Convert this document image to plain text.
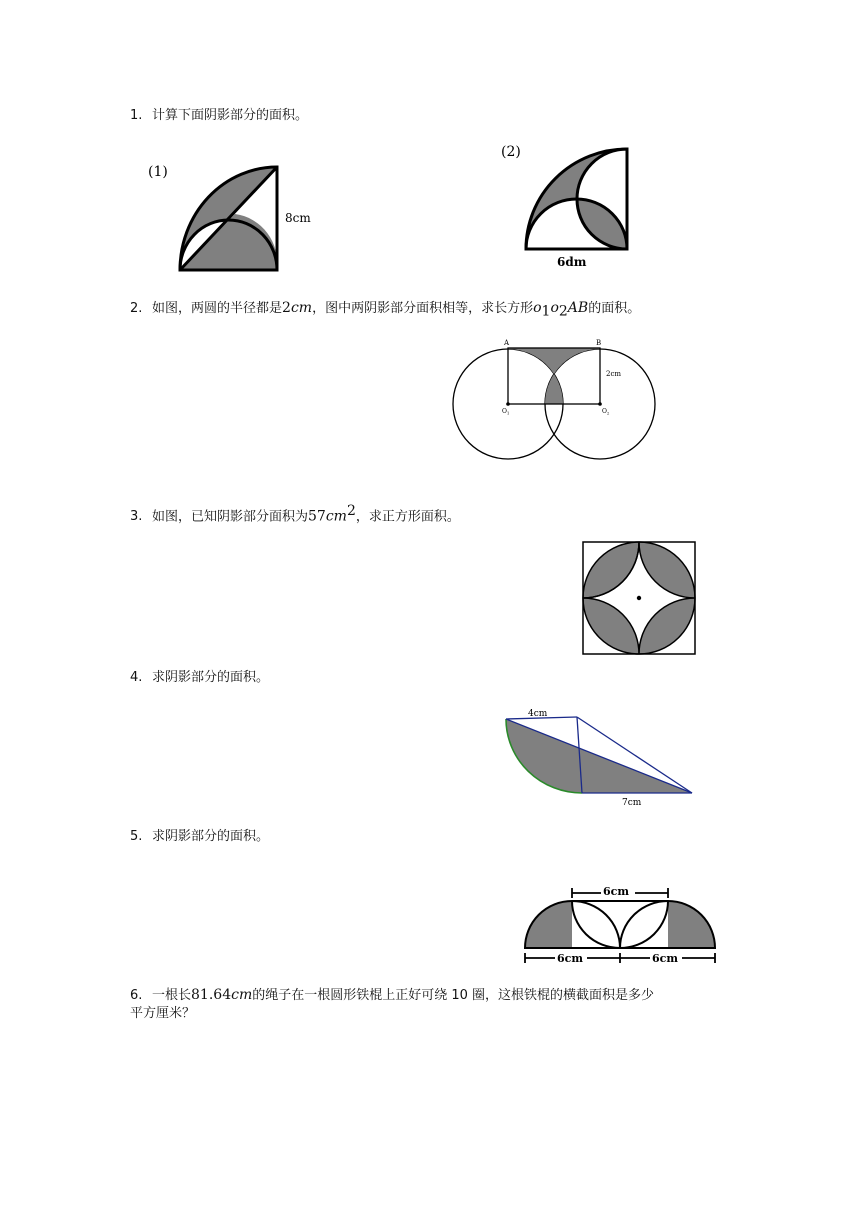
1. 计算下面阴影部分的面积。
(1)
8cm
(2)
6dm
2. 如图，两圆的半径都是2cm，图中两阴影部分面积相等，求长方形$o_1o_2AB$的面积。
A	B
$O_1$	$O_2$
2cm
3. 如图，已知阴影部分面积为$57cm^2$，求正方形面积。
4. 求阴影部分的面积。
4cm
7cm
5. 求阴影部分的面积。
6cm
6cm	6cm
6. 一根长81.64cm的绳子在一根圆形铁棍上正好可绕 10 圈，这根铁棍的横截面积是多少
平方厘米？
